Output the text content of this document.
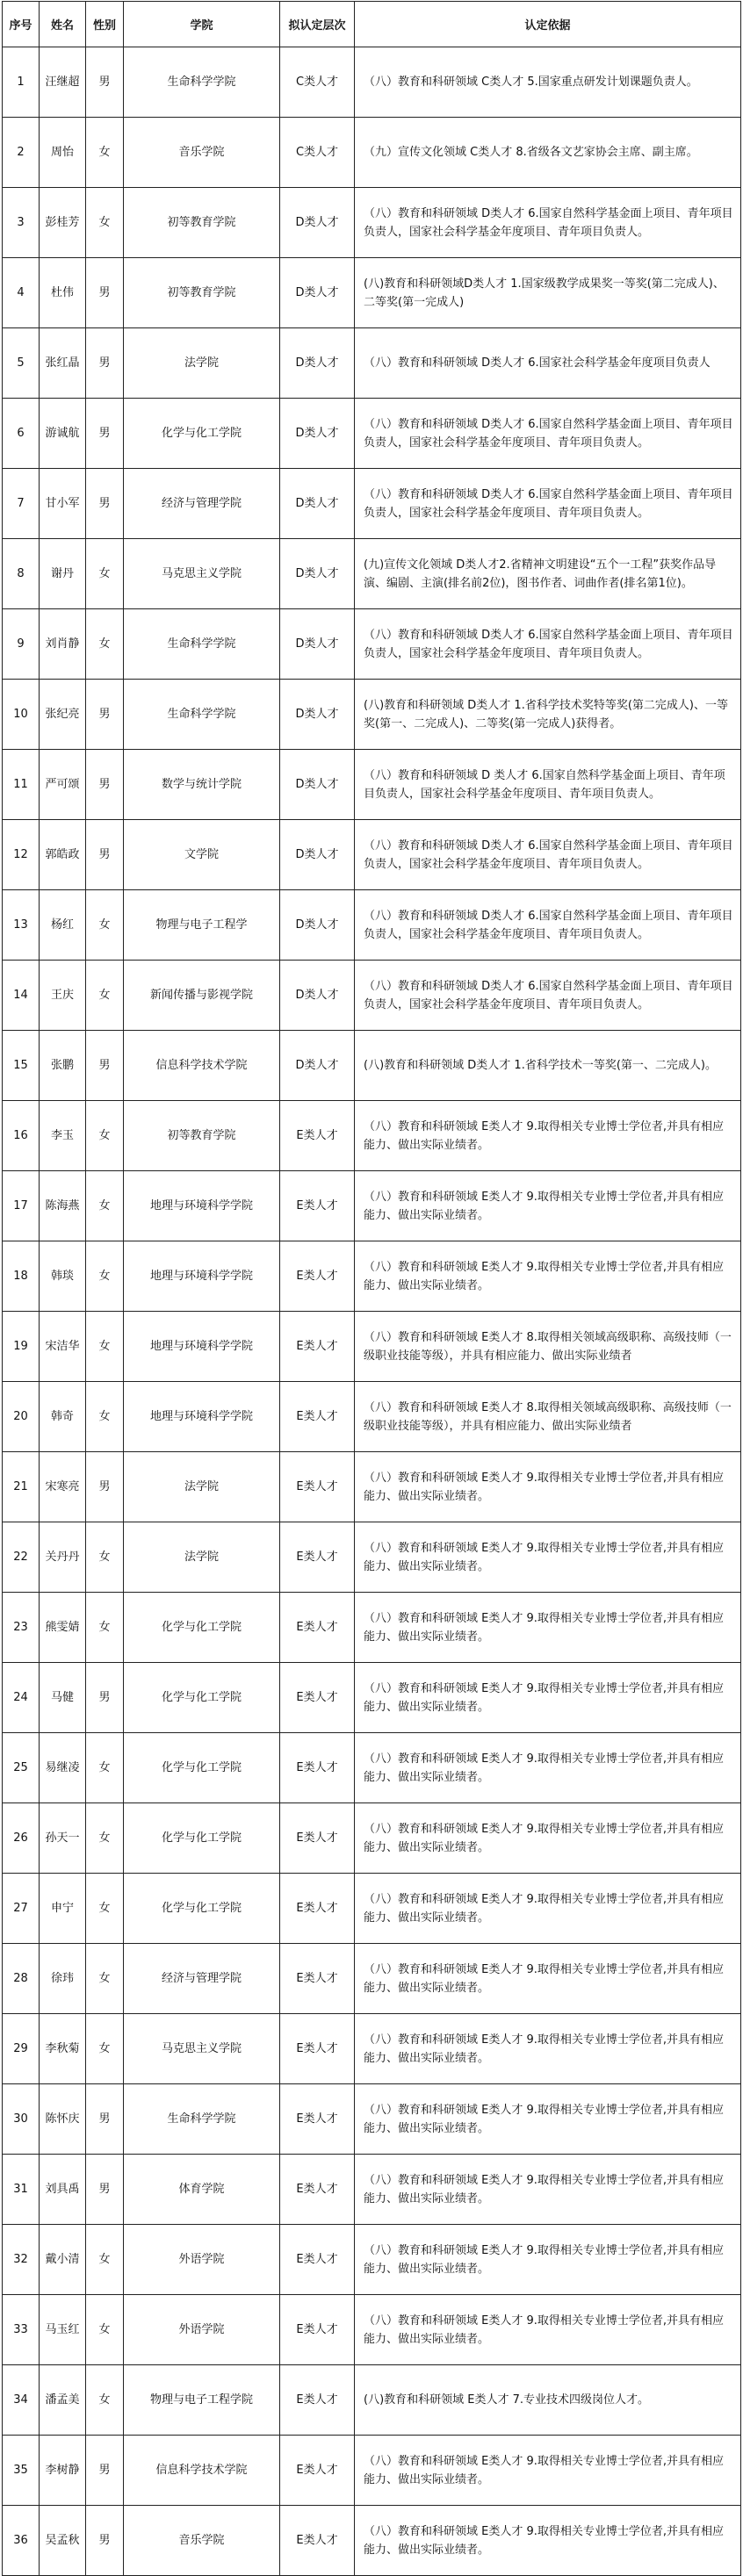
序号	姓名	性别	学院	拟认定层次	认定依据
1	汪继超	男	生命科学学院	C类人才	（八）教育和科研领域 C类人才 5.国家重点研发计划课题负责人。
2	周怡	女	音乐学院	C类人才	（九）宣传文化领域 C类人才 8.省级各文艺家协会主席、副主席。
3	彭桂芳	女	初等教育学院	D类人才	（八）教育和科研领域 D类人才 6.国家自然科学基金面上项目、青年项目负责人，国家社会科学基金年度项目、青年项目负责人。
4	杜伟	男	初等教育学院	D类人才	(八)教育和科研领域D类人才 1.国家级教学成果奖一等奖(第二完成人)、二等奖(第一完成人)
5	张红晶	男	法学院	D类人才	（八）教育和科研领域 D类人才 6.国家社会科学基金年度项目负责人
6	游诚航	男	化学与化工学院	D类人才	（八）教育和科研领域 D类人才 6.国家自然科学基金面上项目、青年项目负责人，国家社会科学基金年度项目、青年项目负责人。
7	甘小军	男	经济与管理学院	D类人才	（八）教育和科研领域 D类人才 6.国家自然科学基金面上项目、青年项目负责人，国家社会科学基金年度项目、青年项目负责人。
8	谢丹	女	马克思主义学院	D类人才	(九)宣传文化领域 D类人才2.省精神文明建设“五个一工程”获奖作品导演、编剧、主演(排名前2位)，图书作者、词曲作者(排名第1位)。
9	刘肖静	女	生命科学学院	D类人才	（八）教育和科研领域 D类人才 6.国家自然科学基金面上项目、青年项目负责人，国家社会科学基金年度项目、青年项目负责人。
10	张纪亮	男	生命科学学院	D类人才	(八)教育和科研领域 D类人才 1.省科学技术奖特等奖(第二完成人)、一等奖(第一、二完成人)、二等奖(第一完成人)获得者。
11	严可颂	男	数学与统计学院	D类人才	（八）教育和科研领域 D 类人才 6.国家自然科学基金面上项目、青年项目负责人，国家社会科学基金年度项目、青年项目负责人。
12	郭皓政	男	文学院	D类人才	（八）教育和科研领域 D类人才 6.国家自然科学基金面上项目、青年项目负责人，国家社会科学基金年度项目、青年项目负责人。
13	杨红	女	物理与电子工程学	D类人才	（八）教育和科研领域 D类人才 6.国家自然科学基金面上项目、青年项目负责人，国家社会科学基金年度项目、青年项目负责人。
14	王庆	女	新闻传播与影视学院	D类人才	（八）教育和科研领域 D类人才 6.国家自然科学基金面上项目、青年项目负责人，国家社会科学基金年度项目、青年项目负责人。
15	张鹏	男	信息科学技术学院	D类人才	(八)教育和科研领域 D类人才 1.省科学技术一等奖(第一、二完成人)。
16	李玉	女	初等教育学院	E类人才	（八）教育和科研领域 E类人才 9.取得相关专业博士学位者,并具有相应能力、做出实际业绩者。
17	陈海燕	女	地理与环境科学学院	E类人才	（八）教育和科研领域 E类人才 9.取得相关专业博士学位者,并具有相应能力、做出实际业绩者。
18	韩琰	女	地理与环境科学学院	E类人才	（八）教育和科研领域 E类人才 9.取得相关专业博士学位者,并具有相应能力、做出实际业绩者。
19	宋洁华	女	地理与环境科学学院	E类人才	（八）教育和科研领域 E类人才 8.取得相关领域高级职称、高级技师（一级职业技能等级），并具有相应能力、做出实际业绩者
20	韩奇	女	地理与环境科学学院	E类人才	（八）教育和科研领域 E类人才 8.取得相关领域高级职称、高级技师（一级职业技能等级），并具有相应能力、做出实际业绩者
21	宋寒亮	男	法学院	E类人才	（八）教育和科研领域 E类人才 9.取得相关专业博士学位者,并具有相应能力、做出实际业绩者。
22	关丹丹	女	法学院	E类人才	（八）教育和科研领域 E类人才 9.取得相关专业博士学位者,并具有相应能力、做出实际业绩者。
23	熊雯婧	女	化学与化工学院	E类人才	（八）教育和科研领域 E类人才 9.取得相关专业博士学位者,并具有相应能力、做出实际业绩者。
24	马健	男	化学与化工学院	E类人才	（八）教育和科研领域 E类人才 9.取得相关专业博士学位者,并具有相应能力、做出实际业绩者。
25	易继凌	女	化学与化工学院	E类人才	（八）教育和科研领域 E类人才 9.取得相关专业博士学位者,并具有相应能力、做出实际业绩者。
26	孙天一	女	化学与化工学院	E类人才	（八）教育和科研领域 E类人才 9.取得相关专业博士学位者,并具有相应能力、做出实际业绩者。
27	申宁	女	化学与化工学院	E类人才	（八）教育和科研领域 E类人才 9.取得相关专业博士学位者,并具有相应能力、做出实际业绩者。
28	徐玮	女	经济与管理学院	E类人才	（八）教育和科研领域 E类人才 9.取得相关专业博士学位者,并具有相应能力、做出实际业绩者。
29	李秋菊	女	马克思主义学院	E类人才	（八）教育和科研领域 E类人才 9.取得相关专业博士学位者,并具有相应能力、做出实际业绩者。
30	陈怀庆	男	生命科学学院	E类人才	（八）教育和科研领域 E类人才 9.取得相关专业博士学位者,并具有相应能力、做出实际业绩者。
31	刘具禹	男	体育学院	E类人才	（八）教育和科研领域 E类人才 9.取得相关专业博士学位者,并具有相应能力、做出实际业绩者。
32	戴小清	女	外语学院	E类人才	（八）教育和科研领域 E类人才 9.取得相关专业博士学位者,并具有相应能力、做出实际业绩者。
33	马玉红	女	外语学院	E类人才	（八）教育和科研领域 E类人才 9.取得相关专业博士学位者,并具有相应能力、做出实际业绩者。
34	潘孟美	女	物理与电子工程学院	E类人才	(八)教育和科研领域 E类人才 7.专业技术四级岗位人才。
35	李树静	男	信息科学技术学院	E类人才	（八）教育和科研领域 E类人才 9.取得相关专业博士学位者,并具有相应能力、做出实际业绩者。
36	吴孟秋	男	音乐学院	E类人才	（八）教育和科研领域 E类人才 9.取得相关专业博士学位者,并具有相应能力、做出实际业绩者。
